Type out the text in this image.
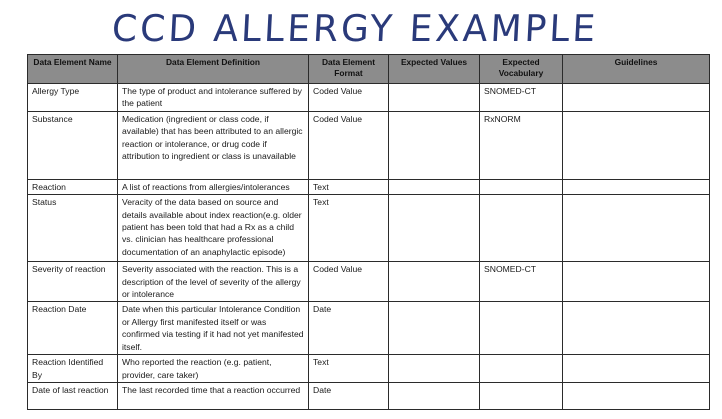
CCD ALLERGY EXAMPLE
Data Element Name	Data Element Definition	Data Element Format	Expected Values	Expected Vocabulary	Guidelines
Allergy Type	The type of product and intolerance suffered by the patient	Coded Value		SNOMED-CT	
Substance	Medication (ingredient or class code, if available) that has been attributed to an allergic reaction or intolerance, or drug code if attribution to ingredient or class is unavailable	Coded Value		RxNORM	
Reaction	A list of reactions from allergies/intolerances	Text			
Status	Veracity of the data based on source and details available about index reaction(e.g. older patient has been told that had a Rx as a child vs. clinician has healthcare professional documentation of an anaphylactic episode)	Text			
Severity of reaction	Severity associated with the reaction. This is a description of the level of severity of the allergy or intolerance	Coded Value		SNOMED-CT	
Reaction Date	Date when this particular Intolerance Condition or Allergy first manifested itself or was confirmed via testing if it had not yet manifested itself.	Date			
Reaction Identified By	Who reported the reaction (e.g. patient, provider, care taker)	Text			
Date of last reaction	The last recorded time that a reaction occurred	Date			
